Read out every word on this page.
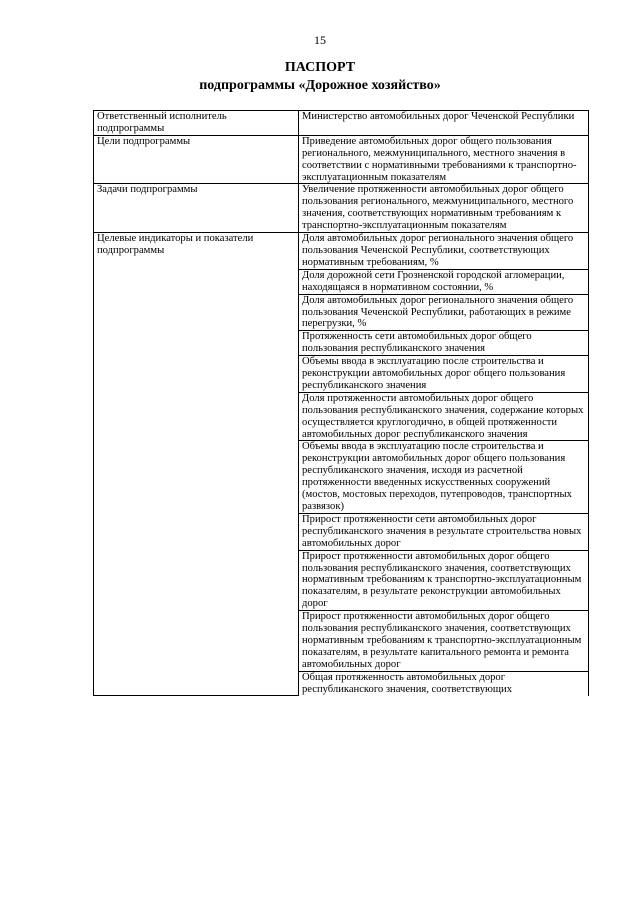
15
ПАСПОРТ
подпрограммы «Дорожное хозяйство»
Ответственный исполнитель подпрограммы	Министерство автомобильных дорог Чеченской Республики
Цели подпрограммы	Приведение автомобильных дорог общего пользования регионального, межмуниципального, местного значения в соответствии с нормативными требованиями к транспортно-эксплуатационным показателям
Задачи подпрограммы	Увеличение протяженности автомобильных дорог общего пользования регионального, межмуниципального, местного значения, соответствующих нормативным требованиям к транспортно-эксплуатационным показателям
Целевые индикаторы и показатели подпрограммы	Доля автомобильных дорог регионального значения общего пользования Чеченской Республики, соответствующих нормативным требованиям, %
	Доля дорожной сети Грозненской городской агломерации, находящаяся в нормативном состоянии, %
	Доля автомобильных дорог регионального значения общего пользования Чеченской Республики, работающих в режиме перегрузки, %
	Протяженность сети автомобильных дорог общего пользования республиканского значения
	Объемы ввода в эксплуатацию после строительства и реконструкции автомобильных дорог общего пользования республиканского значения
	Доля протяженности автомобильных дорог общего пользования республиканского значения, содержание которых осуществляется круглогодично, в общей протяженности автомобильных дорог республиканского значения
	Объемы ввода в эксплуатацию после строительства и реконструкции автомобильных дорог общего пользования республиканского значения, исходя из расчетной протяженности введенных искусственных сооружений (мостов, мостовых переходов, путепроводов, транспортных развязок)
	Прирост протяженности сети автомобильных дорог республиканского значения в результате строительства новых автомобильных дорог
	Прирост протяженности автомобильных дорог общего пользования республиканского значения, соответствующих нормативным требованиям к транспортно-эксплуатационным показателям, в результате реконструкции автомобильных дорог
	Прирост протяженности автомобильных дорог общего пользования республиканского значения, соответствующих нормативным требованиям к транспортно-эксплуатационным показателям, в результате капитального ремонта и ремонта автомобильных дорог
	Общая протяженность автомобильных дорог республиканского значения, соответствующих
